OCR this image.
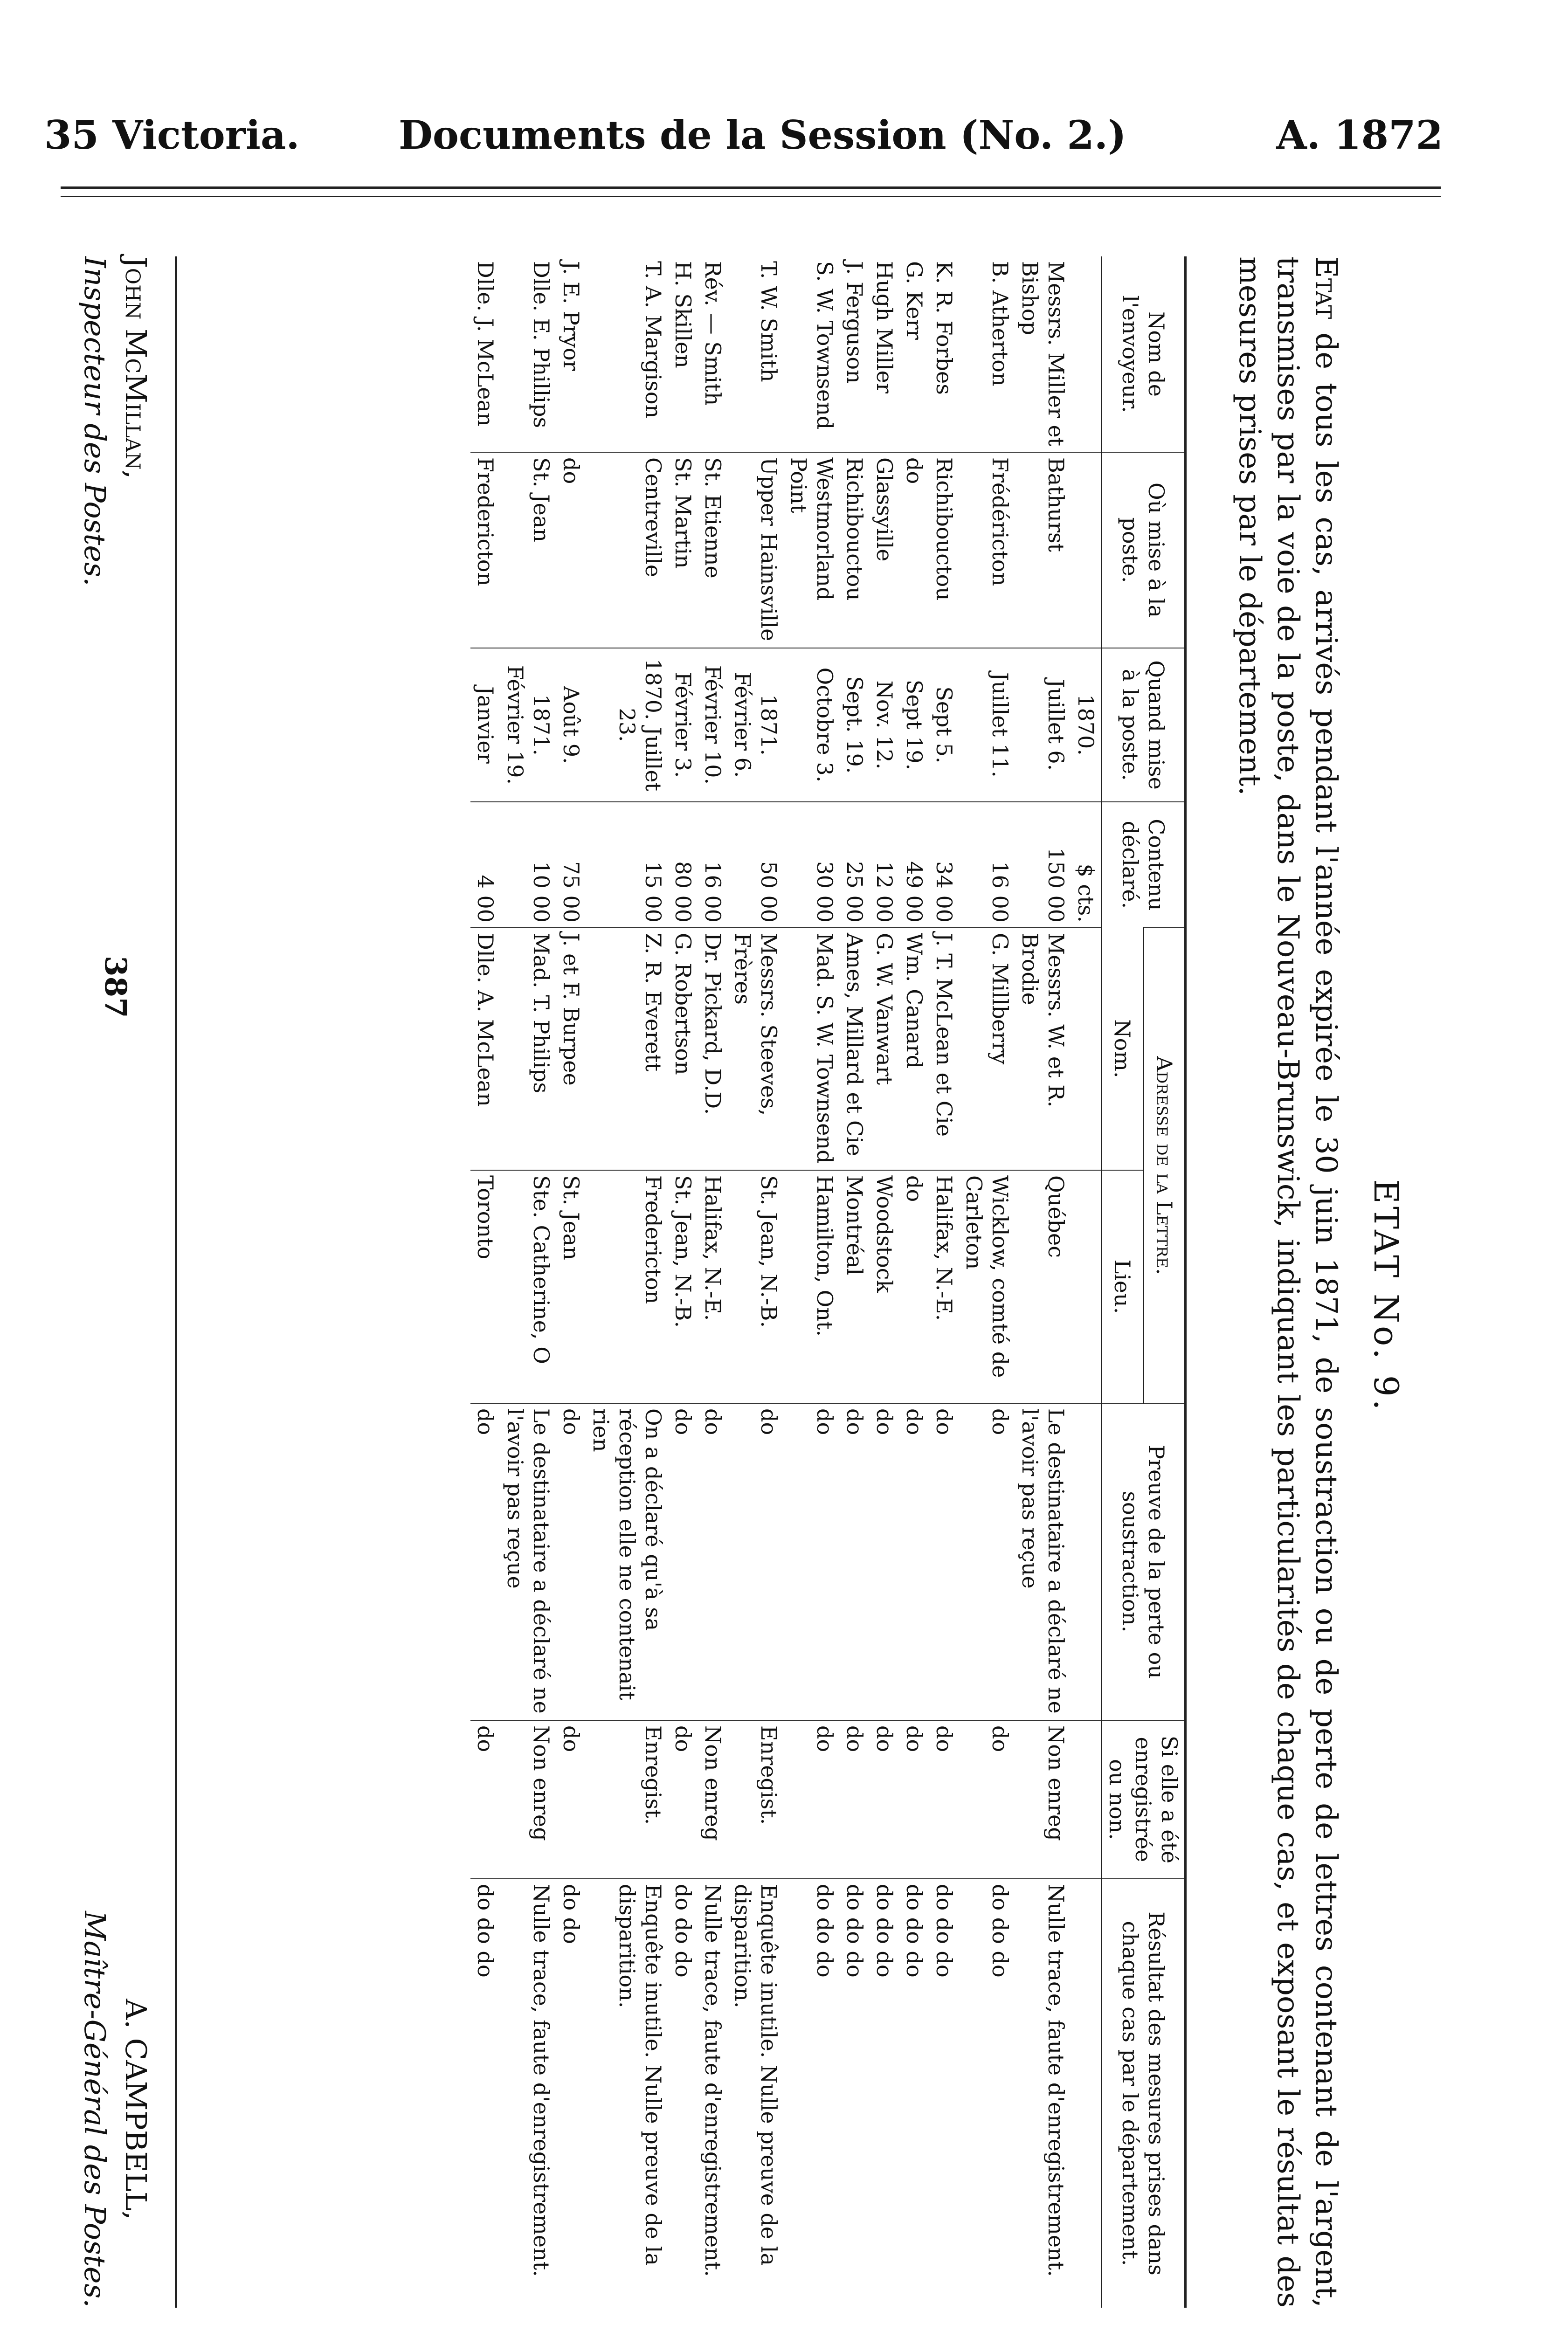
35 Victoria.	Documents de la Session (No. 2.)	A. 1872
ETAT No. 9.
Etat de tous les cas, arrivés pendant l'année expirée le 30 juin 1871, de soustraction ou de perte de lettres contenant de l'argent, transmises par la voie de la poste, dans le Nouveau-Brunswick, indiquant les particularités de chaque cas, et exposant le résultat des mesures prises par le département.
Nom de l'envoyeur.	Où mise à la poste.	Quand mise à la poste.	Contenu déclaré.	Adresse de la Lettre.		Preuve de la perte ou soustraction.	Si elle a été enregistrée ou non.	Résultat des mesures prises dans chaque cas par le département.
				Nom.	Lieu.			
		1870.	$ cts.					
Messrs. Miller et Bishop	Bathurst	Juillet 6.	150 00	Messrs. W. et R. Brodie	Québec	Le destinataire a déclaré ne l'avoir pas reçue	Non enreg	Nulle trace, faute d'enregistrement.
B. Atherton	Frédéricton	Juillet 11.	16 00	G. Millberry	Wicklow, comté de Carleton	do	do	do do do
K. R. Forbes	Richibouctou	Sept 5.	34 00	J. T. McLean et Cie	Halifax, N.-E.	do	do	do do do
G. Kerr	do	Sept 19.	49 00	Wm. Canard	do	do	do	do do do
Hugh Miller	Glassyille	Nov. 12.	12 00	G. W. Vanwart	Woodstock	do	do	do do do
J. Ferguson	Richibouctou	Sept. 19.	25 00	Ames, Millard et Cie	Montréal	do	do	do do do
S. W. Townsend	Westmorland Point	Octobre 3.	30 00	Mad. S. W. Townsend	Hamilton, Ont.	do	do	do do do
T. W. Smith	Upper Hainsville	1871. Février 6.	50 00	Messrs. Steeves, Frères	St. Jean, N.-B.	do	Enregist.	Enquête inutile. Nulle preuve de la disparition.
Rév. — Smith	St. Etienne	Février 10.	16 00	Dr. Pickard, D.D.	Halifax, N.-E.	do	Non enreg	Nulle trace, faute d'enregistrement.
H. Skillen	St. Martin	Février 3.	80 00	G. Robertson	St. Jean, N.-B.	do	do	do do do
T. A. Margison	Centreville	1870. Juillet 23.	15 00	Z. R. Everett	Fredericton	On a déclaré qu'à sa réception elle ne contenait rien	Enregist.	Enquête inutile. Nulle preuve de la disparition.
J. E. Pryor	do	Août 9.	75 00	J. et F. Burpee	St. Jean	do	do	do do
Dlle. E. Phillips	St. Jean	1871. Février 19.	10 00	Mad. T. Philips	Ste. Catherine, O	Le destinataire a déclaré ne l'avoir pas reçue	Non enreg	Nulle trace, faute d'enregistrement.
Dlle. J. McLean	Fredericton	Janvier	4 00	Dlle. A. McLean	Toronto	do	do	do do do
John McMillan,
Inspecteur des Postes.
387
A. CAMPBELL,
Maître-Général des Postes.
